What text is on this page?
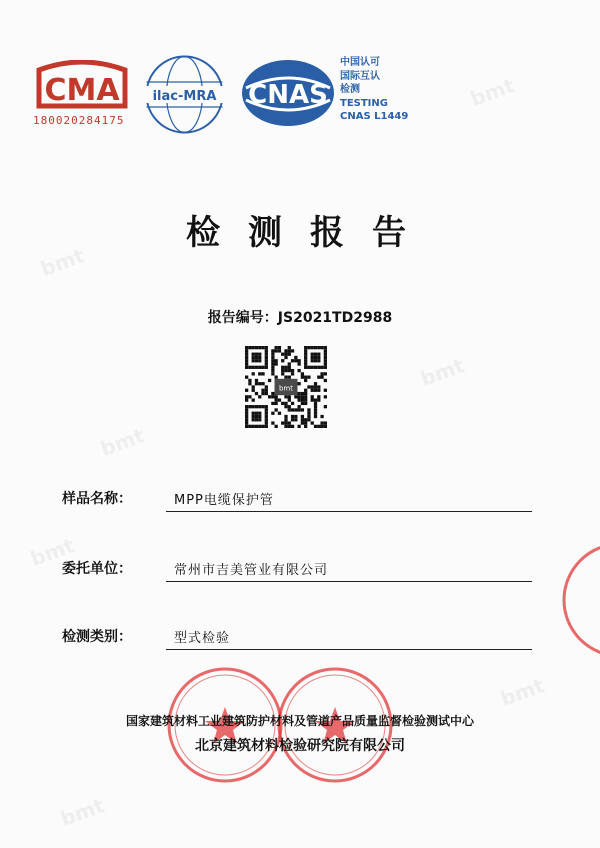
bmt
bmt
bmt
bmt
bmt
bmt
bmt
CMA
180020284175
ilac-MRA CNAS
中国认可
国际互认
检测
TESTING
CNAS L1449
检测报告
报告编号：JS2021TD2988
bmt
样品名称：	MPP电缆保护管
委托单位：	常州市吉美管业有限公司
检测类别：	型式检验
国家建筑材料工业建筑防护材料及管道产品质量监督检验测试中心
北京建筑材料检验研究院有限公司
